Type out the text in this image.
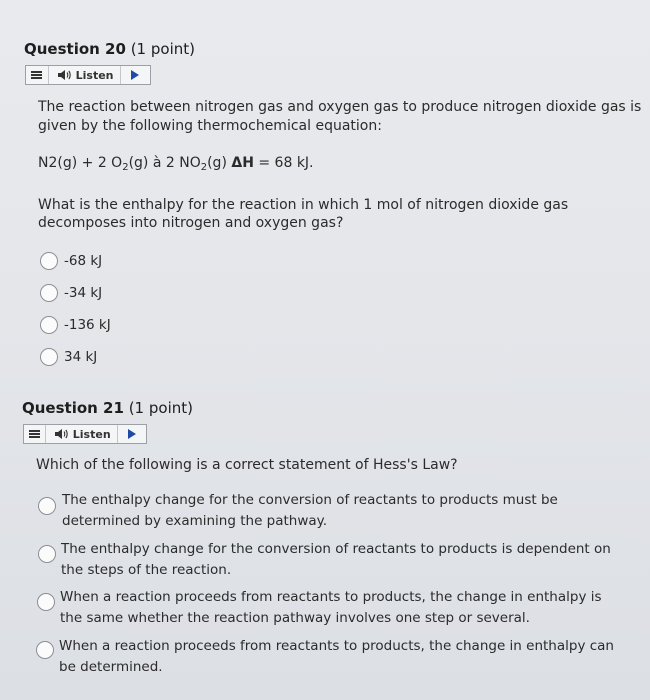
Question 20 (1 point)
Listen
The reaction between nitrogen gas and oxygen gas to produce nitrogen dioxide gas is
given by the following thermochemical equation:
N2(g) + 2 $O_2(g)$ à 2 $NO_2(g) \Delta H = 68$ kJ.
What is the enthalpy for the reaction in which 1 mol of nitrogen dioxide gas
decomposes into nitrogen and oxygen gas?
-68 kJ
-34 kJ
-136 kJ
34 kJ
Question 21 (1 point)
Listen
Which of the following is a correct statement of Hess's Law?
The enthalpy change for the conversion of reactants to products must be
determined by examining the pathway.
The enthalpy change for the conversion of reactants to products is dependent on
the steps of the reaction.
When a reaction proceeds from reactants to products, the change in enthalpy is
the same whether the reaction pathway involves one step or several.
When a reaction proceeds from reactants to products, the change in enthalpy can
be determined.
